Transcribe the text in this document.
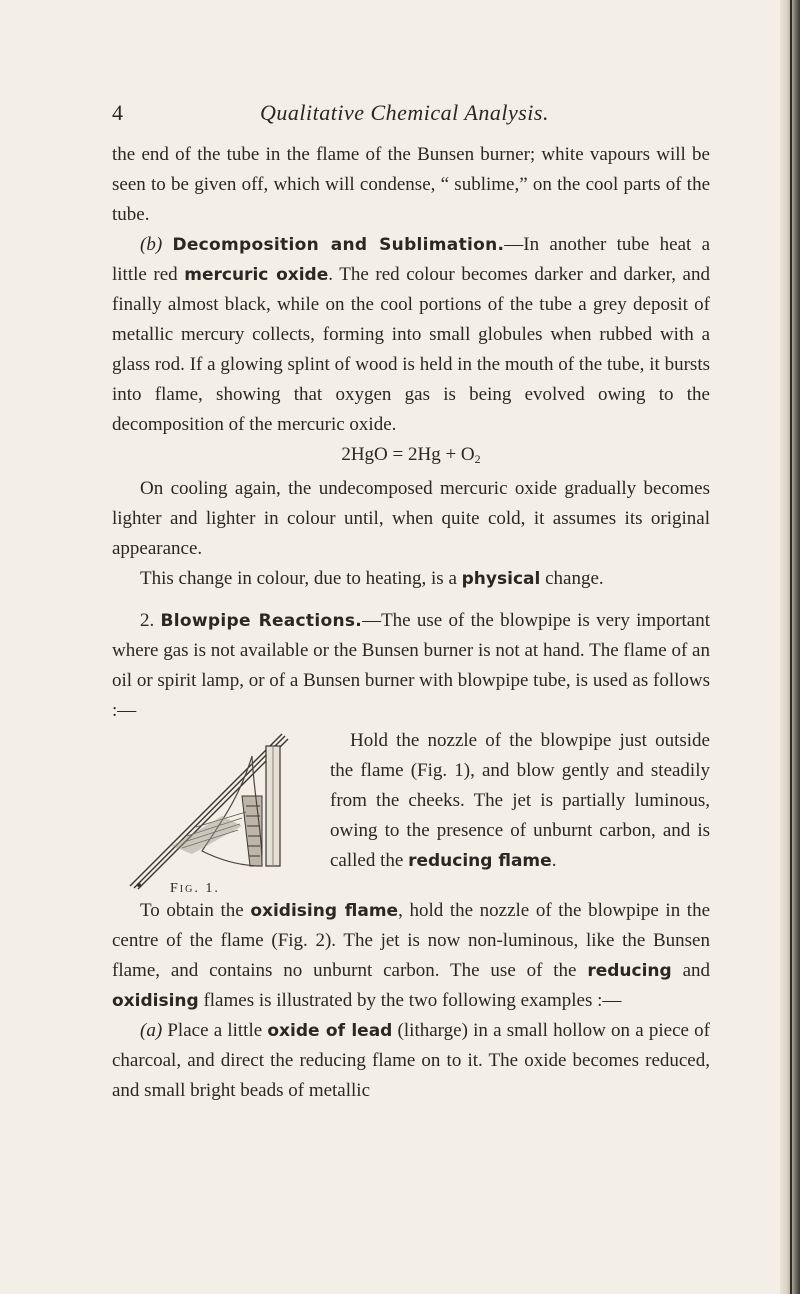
4	Qualitative Chemical Analysis.

the end of the tube in the flame of the Bunsen burner; white vapours will be seen to be given off, which will condense, “ sublime,” on the cool parts of the tube.

(b) Decomposition and Sublimation.—In another tube heat a little red mercuric oxide. The red colour becomes darker and darker, and finally almost black, while on the cool portions of the tube a grey deposit of metallic mercury collects, forming into small globules when rubbed with a glass rod. If a glowing splint of wood is held in the mouth of the tube, it bursts into flame, showing that oxygen gas is being evolved owing to the decomposition of the mercuric oxide.

$2HgO = 2Hg + O_2$

On cooling again, the undecomposed mercuric oxide gradually becomes lighter and lighter in colour until, when quite cold, it assumes its original appearance.

This change in colour, due to heating, is a physical change.

2. Blowpipe Reactions.—The use of the blowpipe is very important where gas is not available or the Bunsen burner is not at hand. The flame of an oil or spirit lamp, or of a Bunsen burner with blowpipe tube, is used as follows :—

Fig. 1.

Hold the nozzle of the blowpipe just outside the flame (Fig. 1), and blow gently and steadily from the cheeks. The jet is partially luminous, owing to the presence of unburnt carbon, and is called the reducing flame.

To obtain the oxidising flame, hold the nozzle of the blowpipe in the centre of the flame (Fig. 2). The jet is now non-luminous, like the Bunsen flame, and contains no unburnt carbon. The use of the reducing and oxidising flames is illustrated by the two following examples :—

(a) Place a little oxide of lead (litharge) in a small hollow on a piece of charcoal, and direct the reducing flame on to it. The oxide becomes reduced, and small bright beads of metallic
